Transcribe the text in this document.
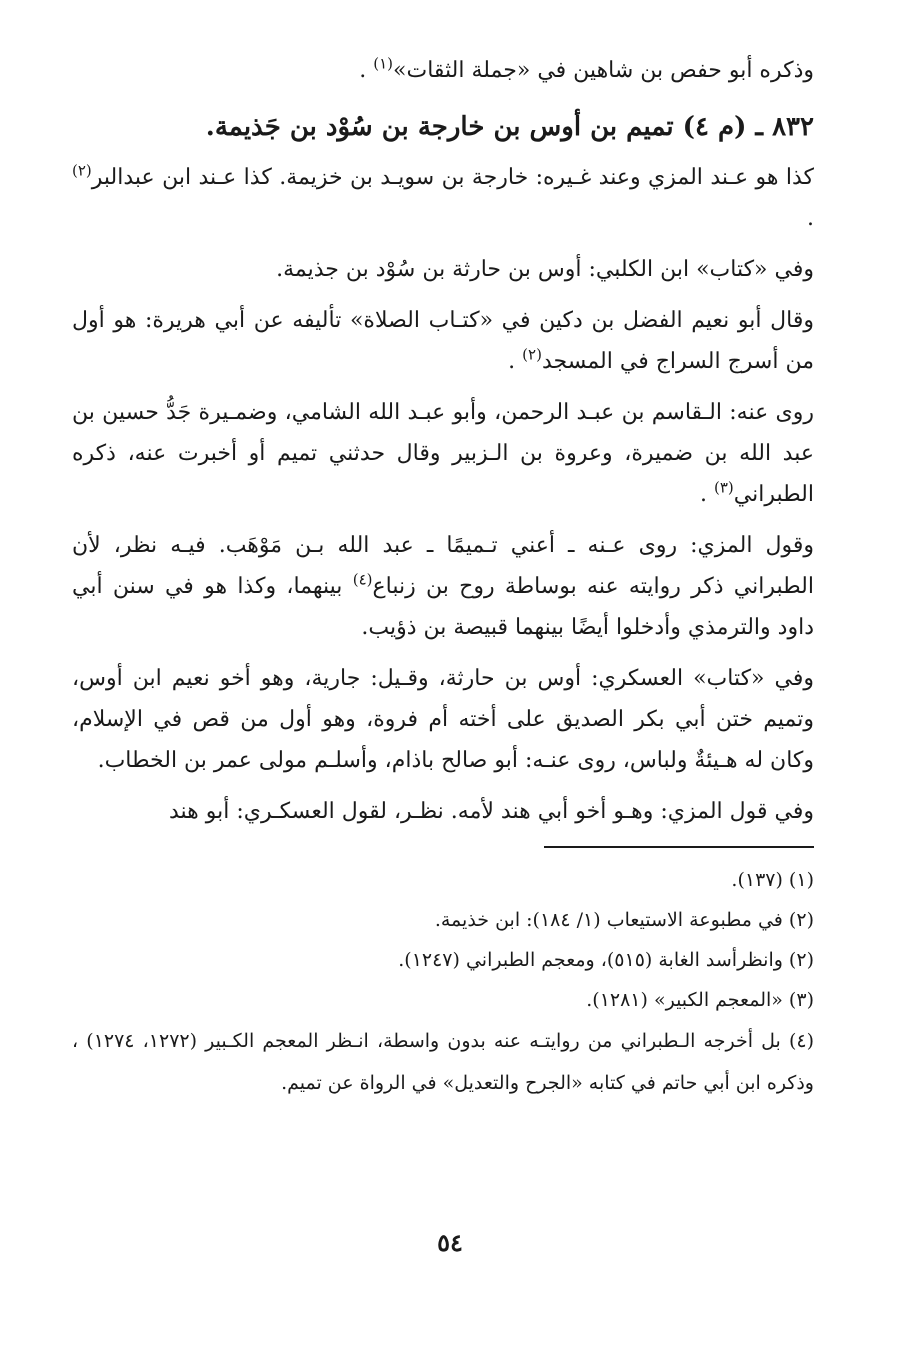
وذكره أبو حفص بن شاهين في «جملة الثقات»$^{(١)}$ .

٨٣٢ ـ (م ٤) تميم بن أوس بن خارجة بن سُوْد بن جَذيمة.

كذا هو عـند المزي وعند غـيره: خارجة بن سويـد بن خزيمة. كذا عـند ابن عبدالبر$^{(٢)}$ .

وفي «كتاب» ابن الكلبي: أوس بن حارثة بن سُوْد بن جذيمة.

وقال أبو نعيم الفضل بن دكين في «كتـاب الصلاة» تأليفه عن أبي هريرة: هو أول من أسرج السراج في المسجد$^{(٢)}$ .

روى عنه: الـقاسم بن عبـد الرحمن، وأبو عبـد الله الشامي، وضمـيرة جَدُّ حسين بن عبد الله بن ضميرة، وعروة بن الـزبير وقال حدثني تميم أو أخبرت عنه، ذكره الطبراني$^{(٣)}$ .

وقول المزي: روى عـنه ـ أعني تـميمًا ـ عبد الله بـن مَوْهَب. فيـه نظر، لأن الطبراني ذكر روايته عنه بوساطة روح بن زنباع$^{(٤)}$ بينهما، وكذا هو في سنن أبي داود والترمذي وأدخلوا أيضًا بينهما قبيصة بن ذؤيب.

وفي «كتاب» العسكري: أوس بن حارثة، وقـيل: جارية، وهو أخو نعيم ابن أوس، وتميم ختن أبي بكر الصديق على أخته أم فروة، وهو أول من قص في الإسلام، وكان له هـيئةٌ ولباس، روى عنـه: أبو صالح باذام، وأسلـم مولى عمر بن الخطاب.

وفي قول المزي: وهـو أخو أبي هند لأمه. نظـر، لقول العسكـري: أبو هند

(١) (١٣٧).

(٢) في مطبوعة الاستيعاب (١/ ١٨٤): ابن خذيمة.

(٢) وانظرأسد الغابة (٥١٥)، ومعجم الطبراني (١٢٤٧).

(٣) «المعجم الكبير» (١٢٨١).

(٤) بل أخرجه الـطبراني من روايتـه عنه بدون واسطة، انـظر المعجم الكـبير (١٢٧٢، ١٢٧٤) ، وذكره ابن أبي حاتم في كتابه «الجرح والتعديل» في الرواة عن تميم.

٥٤
